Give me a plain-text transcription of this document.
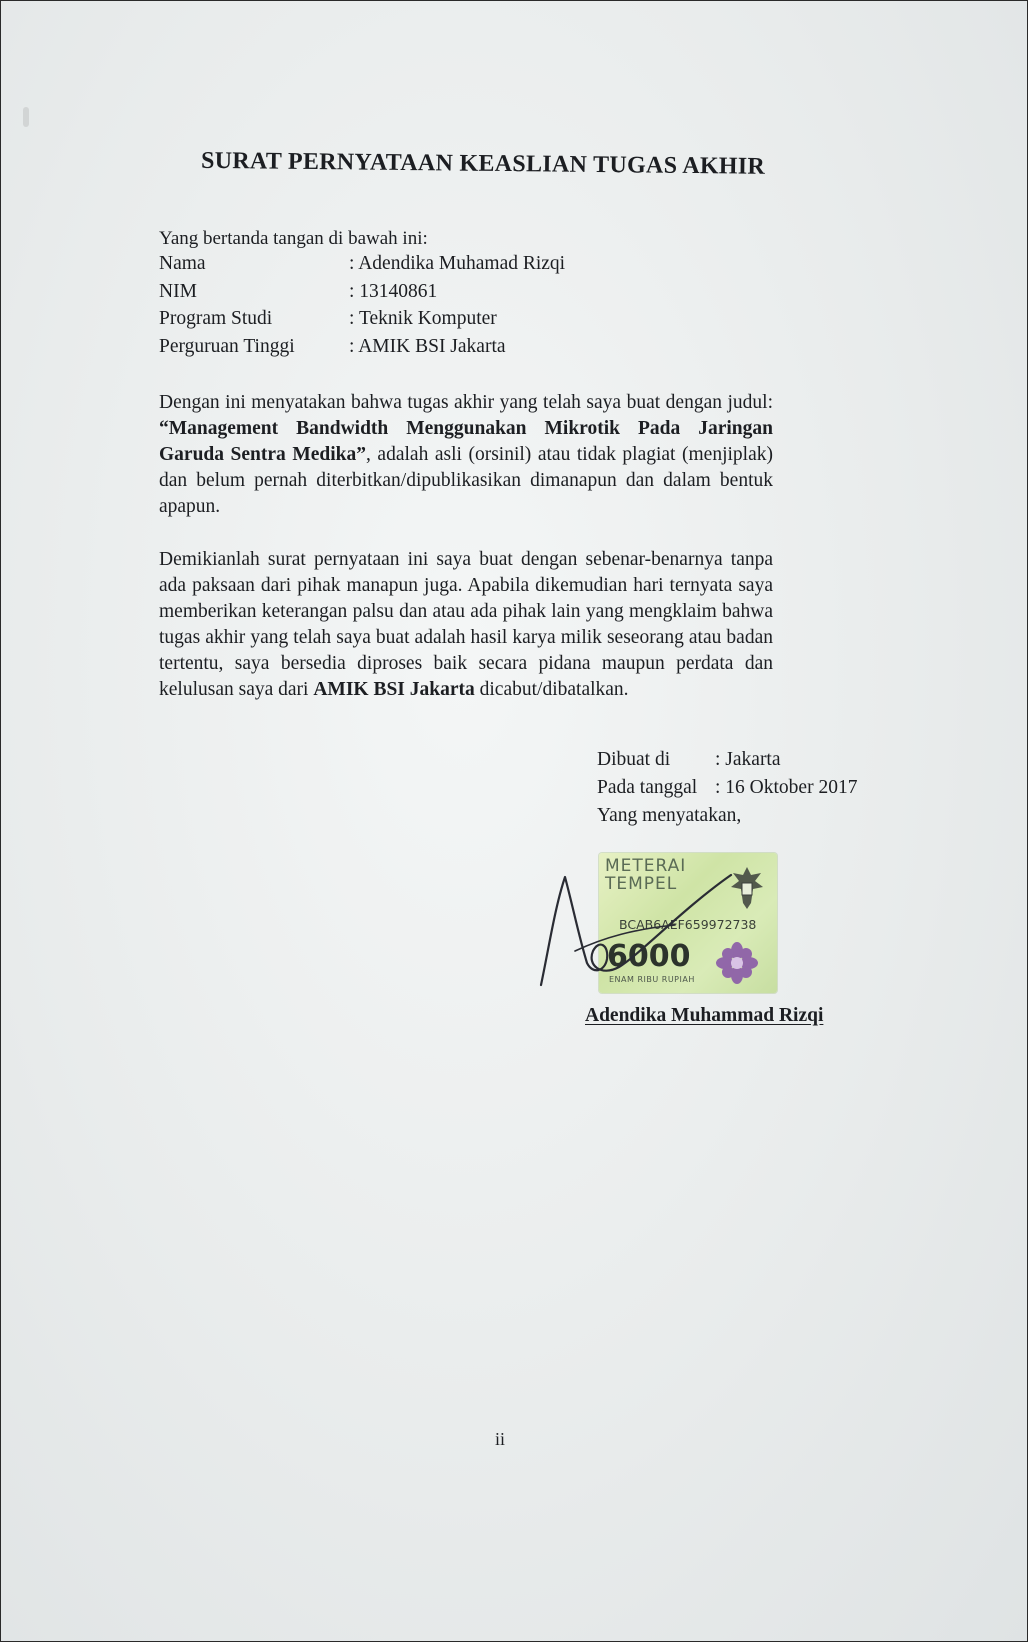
SURAT PERNYATAAN KEASLIAN TUGAS AKHIR
Yang bertanda tangan di bawah ini:
Nama	: Adendika Muhamad Rizqi
NIM	: 13140861
Program Studi	: Teknik Komputer
Perguruan Tinggi	: AMIK BSI Jakarta
Dengan ini menyatakan bahwa tugas akhir yang telah saya buat dengan judul: “Management Bandwidth Menggunakan Mikrotik Pada Jaringan Garuda Sentra Medika”, adalah asli (orsinil) atau tidak plagiat (menjiplak) dan belum pernah diterbitkan/dipublikasikan dimanapun dan dalam bentuk apapun.
Demikianlah surat pernyataan ini saya buat dengan sebenar-benarnya tanpa ada paksaan dari pihak manapun juga. Apabila dikemudian hari ternyata saya memberikan keterangan palsu dan atau ada pihak lain yang mengklaim bahwa tugas akhir yang telah saya buat adalah hasil karya milik seseorang atau badan tertentu, saya bersedia diproses baik secara pidana maupun perdata dan kelulusan saya dari AMIK BSI Jakarta dicabut/dibatalkan.
Dibuat di	: Jakarta
Pada tanggal : 16 Oktober 2017
Yang menyatakan,
METERAI
TEMPEL
BCAB6AEF659972738
6000
ENAM RIBU RUPIAH
Adendika Muhammad Rizqi
ii
